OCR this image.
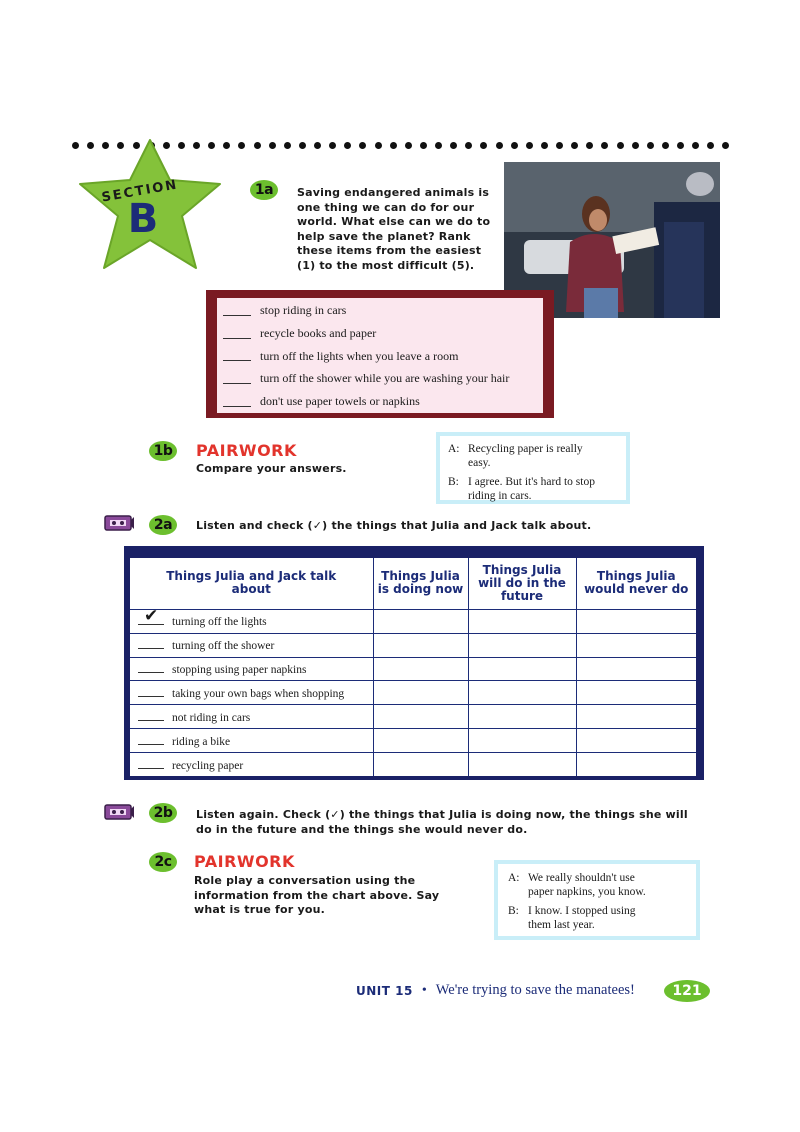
SECTION
B
1a	Saving endangered animals is one thing we can do for our world. What else can we do to help save the planet? Rank these items from the easiest (1) to the most difficult (5).
stop riding in cars
recycle books and paper
turn off the lights when you leave a room
turn off the shower while you are washing your hair
don't use paper towels or napkins
1b PAIRWORK
Compare your answers.
A: Recycling paper is really
easy.
B: I agree. But it's hard to stop
riding in cars.
2a	Listen and check (✓) the things that Julia and Jack talk about.
Things Julia and Jack talk about	Things Julia is doing now	Things Julia will do in the future	Things Julia would never do

✔ turning off the lights			
turning off the shower			
stopping using paper napkins			
taking your own bags when shopping			
not riding in cars			
riding a bike			
recycling paper			
2b	Listen again. Check (✓) the things that Julia is doing now, the things she will do in the future and the things she would never do.
2c	PAIRWORK
Role play a conversation using the information from the chart above. Say what is true for you.
A: We really shouldn't use
paper napkins, you know.
B: I know. I stopped using
them last year.
UNIT 15 • We're trying to save the manatees!	121
